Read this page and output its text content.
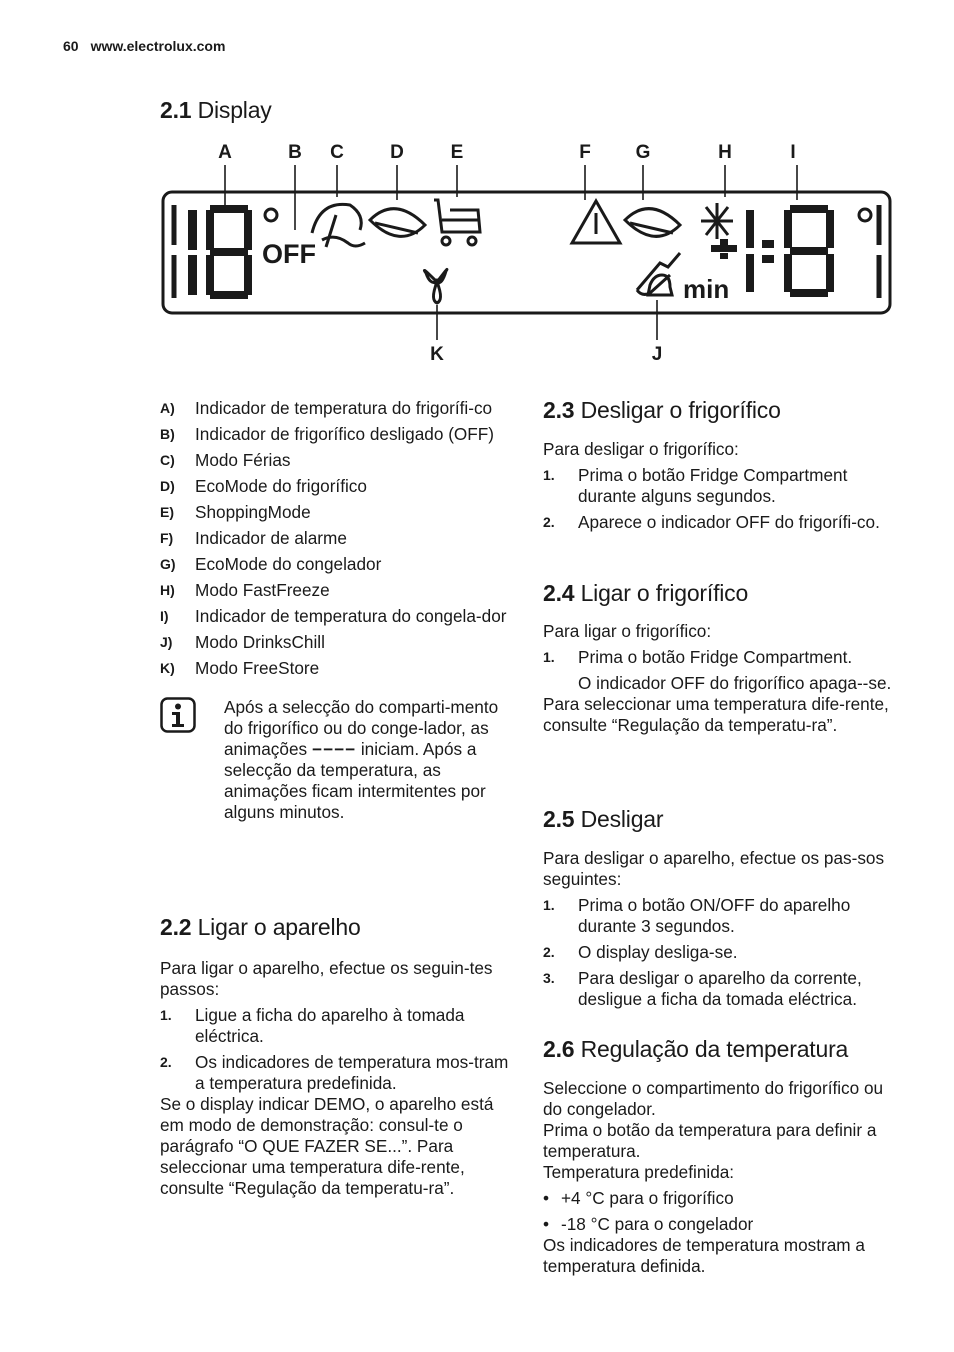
60 www.electrolux.com
2.1 Display
A	B C D E	F G	H	I
K	J
OFF
min
A)	Indicador de temperatura do frigorífi-co
B)	Indicador de frigorífico desligado (OFF)
C)	Modo Férias
D)	EcoMode do frigorífico
E)	ShoppingMode
F)	Indicador de alarme
G)	EcoMode do congelador
H)	Modo FastFreeze
I)	Indicador de temperatura do congela-dor
J)	Modo DrinksChill
K)	Modo FreeStore
Após a selecção do comparti-mento do frigorífico ou do conge-lador, as animações −−−− iniciam. Após a selecção da temperatura, as animações ficam intermitentes por alguns minutos.
2.2 Ligar o aparelho

Para ligar o aparelho, efectue os seguin-tes passos:

1.	Ligue a ficha do aparelho à tomada eléctrica.
2.	Os indicadores de temperatura mos-tram a temperatura predefinida.

Se o display indicar DEMO, o aparelho está em modo de demonstração: consul-te o parágrafo “O QUE FAZER SE...”. Para seleccionar uma temperatura dife-rente, consulte “Regulação da temperatu-ra”.

2.3 Desligar o frigorífico

Para desligar o frigorífico:

1.	Prima o botão Fridge Compartment durante alguns segundos.
2.	Aparece o indicador OFF do frigorífi-co.
2.4 Ligar o frigorífico

Para ligar o frigorífico:

1.	Prima o botão Fridge Compartment.

O indicador OFF do frigorífico apaga--se.

Para seleccionar uma temperatura dife-rente, consulte “Regulação da temperatu-ra”.

2.5 Desligar

Para desligar o aparelho, efectue os pas-sos seguintes:

1.	Prima o botão ON/OFF do aparelho durante 3 segundos.
2.	O display desliga-se.
3.	Para desligar o aparelho da corrente, desligue a ficha da tomada eléctrica.
2.6 Regulação da temperatura

Seleccione o compartimento do frigorífico ou do congelador.

Prima o botão da temperatura para definir a temperatura.

Temperatura predefinida:

• +4 °C para o frigorífico
• -18 °C para o congelador

Os indicadores de temperatura mostram a temperatura definida.
